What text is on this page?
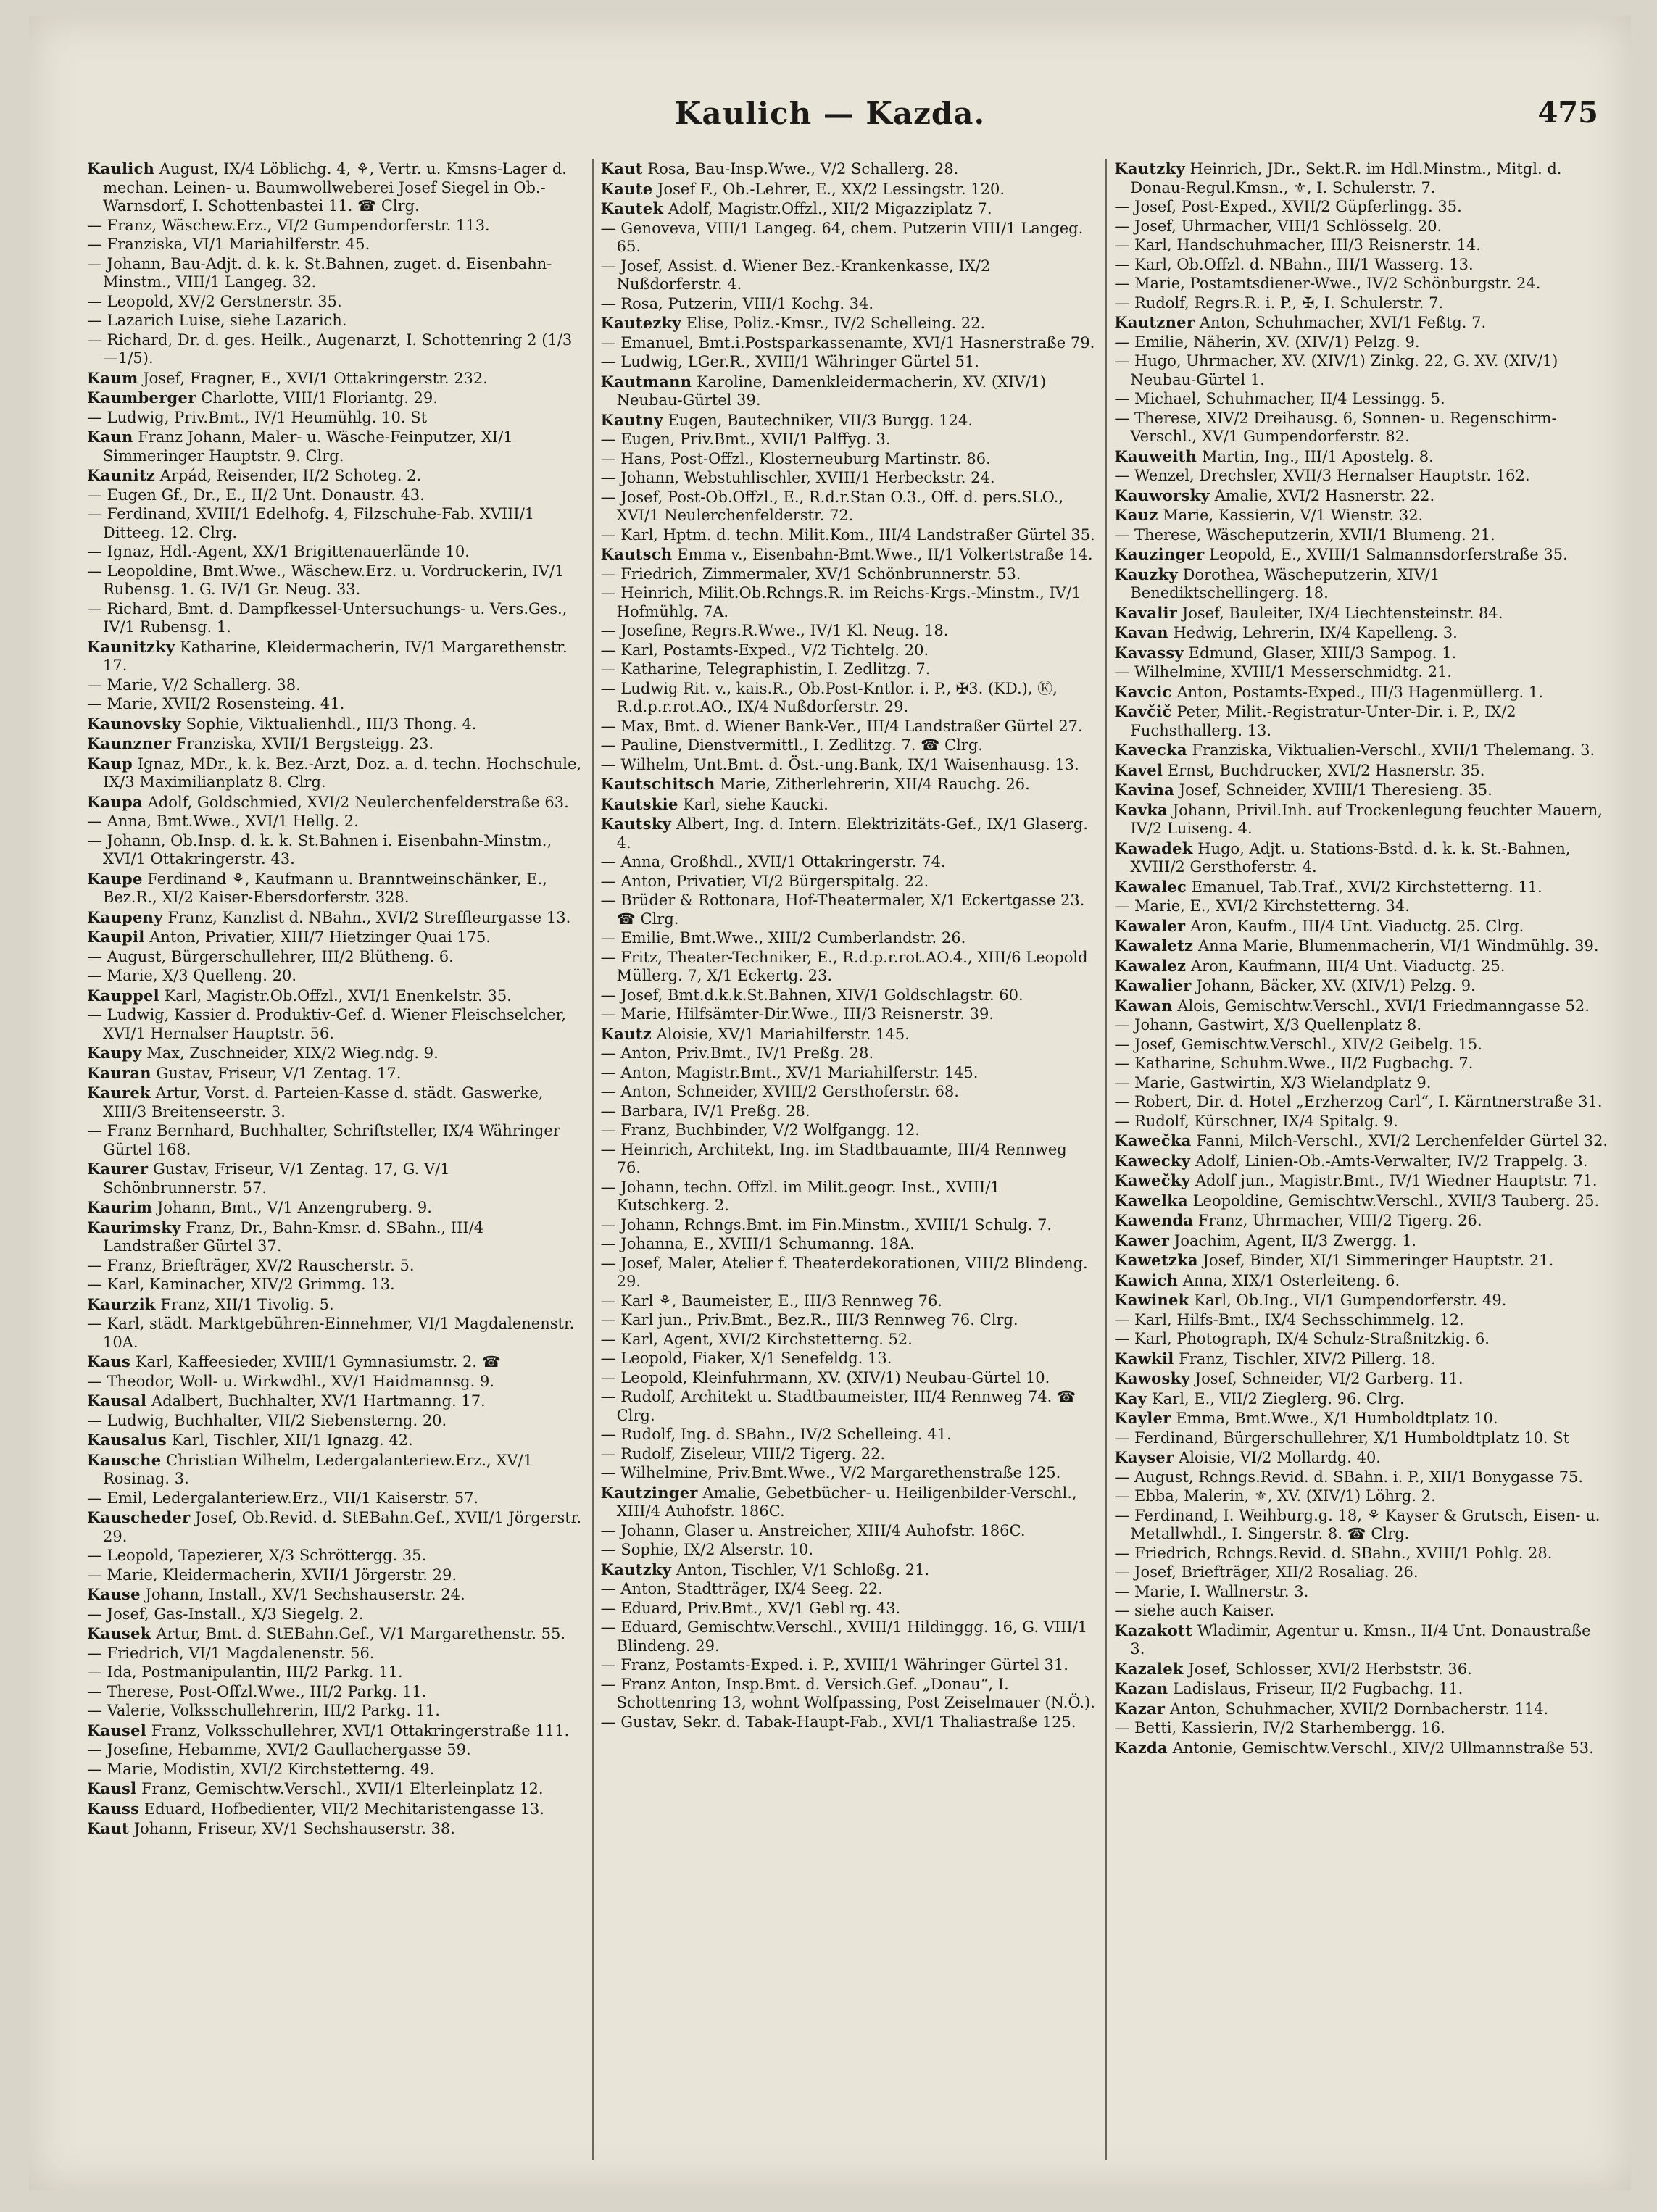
Kaulich — Kazda.	475
Kaulich August, IX/4 Löblichg. 4, ⚘, Vertr. u. Kmsns-Lager d. mechan. Leinen- u. Baumwollweberei Josef Siegel in Ob.-Warnsdorf, I. Schottenbastei 11. ☎ Clrg.
— Franz, Wäschew.Erz., VI/2 Gumpendorferstr. 113.
— Franziska, VI/1 Mariahilferstr. 45.
— Johann, Bau-Adjt. d. k. k. St.Bahnen, zuget. d. Eisenbahn-Minstm., VIII/1 Langeg. 32.
— Leopold, XV/2 Gerstnerstr. 35.
— Lazarich Luise, siehe Lazarich.
— Richard, Dr. d. ges. Heilk., Augenarzt, I. Schottenring 2 (1/3—1/5).
Kaum Josef, Fragner, E., XVI/1 Ottakringerstr. 232.
Kaumberger Charlotte, VIII/1 Floriantg. 29.
— Ludwig, Priv.Bmt., IV/1 Heumühlg. 10. St
Kaun Franz Johann, Maler- u. Wäsche-Feinputzer, XI/1 Simmeringer Hauptstr. 9. Clrg.
Kaunitz Arpád, Reisender, II/2 Schoteg. 2.
— Eugen Gf., Dr., E., II/2 Unt. Donaustr. 43.
— Ferdinand, XVIII/1 Edelhofg. 4, Filzschuhe-Fab. XVIII/1 Ditteeg. 12. Clrg.
— Ignaz, Hdl.-Agent, XX/1 Brigittenauerlände 10.
— Leopoldine, Bmt.Wwe., Wäschew.Erz. u. Vordruckerin, IV/1 Rubensg. 1. G. IV/1 Gr. Neug. 33.
— Richard, Bmt. d. Dampfkessel-Untersuchungs- u. Vers.Ges., IV/1 Rubensg. 1.
Kaunitzky Katharine, Kleidermacherin, IV/1 Margarethenstr. 17.
— Marie, V/2 Schallerg. 38.
— Marie, XVII/2 Rosensteing. 41.
Kaunovsky Sophie, Viktualienhdl., III/3 Thong. 4.
Kaunzner Franziska, XVII/1 Bergsteigg. 23.
Kaup Ignaz, MDr., k. k. Bez.-Arzt, Doz. a. d. techn. Hochschule, IX/3 Maximilianplatz 8. Clrg.
Kaupa Adolf, Goldschmied, XVI/2 Neulerchenfelderstraße 63.
— Anna, Bmt.Wwe., XVI/1 Hellg. 2.
— Johann, Ob.Insp. d. k. k. St.Bahnen i. Eisenbahn-Minstm., XVI/1 Ottakringerstr. 43.
Kaupe Ferdinand ⚘, Kaufmann u. Branntweinschänker, E., Bez.R., XI/2 Kaiser-Ebersdorferstr. 328.
Kaupeny Franz, Kanzlist d. NBahn., XVI/2 Streffleurgasse 13.
Kaupil Anton, Privatier, XIII/7 Hietzinger Quai 175.
— August, Bürgerschullehrer, III/2 Blütheng. 6.
— Marie, X/3 Quelleng. 20.
Kauppel Karl, Magistr.Ob.Offzl., XVI/1 Enenkelstr. 35.
— Ludwig, Kassier d. Produktiv-Gef. d. Wiener Fleischselcher, XVI/1 Hernalser Hauptstr. 56.
Kaupy Max, Zuschneider, XIX/2 Wieg.ndg. 9.
Kauran Gustav, Friseur, V/1 Zentag. 17.
Kaurek Artur, Vorst. d. Parteien-Kasse d. städt. Gaswerke, XIII/3 Breitenseerstr. 3.
— Franz Bernhard, Buchhalter, Schriftsteller, IX/4 Währinger Gürtel 168.
Kaurer Gustav, Friseur, V/1 Zentag. 17, G. V/1 Schönbrunnerstr. 57.
Kaurim Johann, Bmt., V/1 Anzengruberg. 9.
Kaurimsky Franz, Dr., Bahn-Kmsr. d. SBahn., III/4 Landstraßer Gürtel 37.
— Franz, Briefträger, XV/2 Rauscherstr. 5.
— Karl, Kaminacher, XIV/2 Grimmg. 13.
Kaurzik Franz, XII/1 Tivolig. 5.
— Karl, städt. Marktgebühren-Einnehmer, VI/1 Magdalenenstr. 10A.
Kaus Karl, Kaffeesieder, XVIII/1 Gymnasiumstr. 2. ☎
— Theodor, Woll- u. Wirkwdhl., XV/1 Haidmannsg. 9.
Kausal Adalbert, Buchhalter, XV/1 Hartmanng. 17.
— Ludwig, Buchhalter, VII/2 Siebensterng. 20.
Kausalus Karl, Tischler, XII/1 Ignazg. 42.
Kausche Christian Wilhelm, Ledergalanteriew.Erz., XV/1 Rosinag. 3.
— Emil, Ledergalanteriew.Erz., VII/1 Kaiserstr. 57.
Kauscheder Josef, Ob.Revid. d. StEBahn.Gef., XVII/1 Jörgerstr. 29.
— Leopold, Tapezierer, X/3 Schröttergg. 35.
— Marie, Kleidermacherin, XVII/1 Jörgerstr. 29.
Kause Johann, Install., XV/1 Sechshauserstr. 24.
— Josef, Gas-Install., X/3 Siegelg. 2.
Kausek Artur, Bmt. d. StEBahn.Gef., V/1 Margarethenstr. 55.
— Friedrich, VI/1 Magdalenenstr. 56.
— Ida, Postmanipulantin, III/2 Parkg. 11.
— Therese, Post-Offzl.Wwe., III/2 Parkg. 11.
— Valerie, Volksschullehrerin, III/2 Parkg. 11.
Kausel Franz, Volksschullehrer, XVI/1 Ottakringerstraße 111.
— Josefine, Hebamme, XVI/2 Gaullachergasse 59.
— Marie, Modistin, XVI/2 Kirchstetterng. 49.
Kausl Franz, Gemischtw.Verschl., XVII/1 Elterleinplatz 12.
Kauss Eduard, Hofbedienter, VII/2 Mechitaristengasse 13.
Kaut Johann, Friseur, XV/1 Sechshauserstr. 38.
Kaut Rosa, Bau-Insp.Wwe., V/2 Schallerg. 28.
Kaute Josef F., Ob.-Lehrer, E., XX/2 Lessingstr. 120.
Kautek Adolf, Magistr.Offzl., XII/2 Migazziplatz 7.
— Genoveva, VIII/1 Langeg. 64, chem. Putzerin VIII/1 Langeg. 65.
— Josef, Assist. d. Wiener Bez.-Krankenkasse, IX/2 Nußdorferstr. 4.
— Rosa, Putzerin, VIII/1 Kochg. 34.
Kautezky Elise, Poliz.-Kmsr., IV/2 Schelleing. 22.
— Emanuel, Bmt.i.Postsparkassenamte, XVI/1 Hasnerstraße 79.
— Ludwig, LGer.R., XVIII/1 Währinger Gürtel 51.
Kautmann Karoline, Damenkleidermacherin, XV. (XIV/1) Neubau-Gürtel 39.
Kautny Eugen, Bautechniker, VII/3 Burgg. 124.
— Eugen, Priv.Bmt., XVII/1 Palffyg. 3.
— Hans, Post-Offzl., Klosterneuburg Martinstr. 86.
— Johann, Webstuhlischler, XVIII/1 Herbeckstr. 24.
— Josef, Post-Ob.Offzl., E., R.d.r.Stan O.3., Off. d. pers.SLO., XVI/1 Neulerchenfelderstr. 72.
— Karl, Hptm. d. techn. Milit.Kom., III/4 Landstraßer Gürtel 35.
Kautsch Emma v., Eisenbahn-Bmt.Wwe., II/1 Volkertstraße 14.
— Friedrich, Zimmermaler, XV/1 Schönbrunnerstr. 53.
— Heinrich, Milit.Ob.Rchngs.R. im Reichs-Krgs.-Minstm., IV/1 Hofmühlg. 7A.
— Josefine, Regrs.R.Wwe., IV/1 Kl. Neug. 18.
— Karl, Postamts-Exped., V/2 Tichtelg. 20.
— Katharine, Telegraphistin, I. Zedlitzg. 7.
— Ludwig Rit. v., kais.R., Ob.Post-Kntlor. i. P., ✠3. (KD.), Ⓚ, R.d.p.r.rot.AO., IX/4 Nußdorferstr. 29.
— Max, Bmt. d. Wiener Bank-Ver., III/4 Landstraßer Gürtel 27.
— Pauline, Dienstvermittl., I. Zedlitzg. 7. ☎ Clrg.
— Wilhelm, Unt.Bmt. d. Öst.-ung.Bank, IX/1 Waisenhausg. 13.
Kautschitsch Marie, Zitherlehrerin, XII/4 Rauchg. 26.
Kautskie Karl, siehe Kaucki.
Kautsky Albert, Ing. d. Intern. Elektrizitäts-Gef., IX/1 Glaserg. 4.
— Anna, Großhdl., XVII/1 Ottakringerstr. 74.
— Anton, Privatier, VI/2 Bürgerspitalg. 22.
— Brüder & Rottonara, Hof-Theatermaler, X/1 Eckertgasse 23. ☎ Clrg.
— Emilie, Bmt.Wwe., XIII/2 Cumberlandstr. 26.
— Fritz, Theater-Techniker, E., R.d.p.r.rot.AO.4., XIII/6 Leopold Müllerg. 7, X/1 Eckertg. 23.
— Josef, Bmt.d.k.k.St.Bahnen, XIV/1 Goldschlagstr. 60.
— Marie, Hilfsämter-Dir.Wwe., III/3 Reisnerstr. 39.
Kautz Aloisie, XV/1 Mariahilferstr. 145.
— Anton, Priv.Bmt., IV/1 Preßg. 28.
— Anton, Magistr.Bmt., XV/1 Mariahilferstr. 145.
— Anton, Schneider, XVIII/2 Gersthoferstr. 68.
— Barbara, IV/1 Preßg. 28.
— Franz, Buchbinder, V/2 Wolfgangg. 12.
— Heinrich, Architekt, Ing. im Stadtbauamte, III/4 Rennweg 76.
— Johann, techn. Offzl. im Milit.geogr. Inst., XVIII/1 Kutschkerg. 2.
— Johann, Rchngs.Bmt. im Fin.Minstm., XVIII/1 Schulg. 7.
— Johanna, E., XVIII/1 Schumanng. 18A.
— Josef, Maler, Atelier f. Theaterdekorationen, VIII/2 Blindeng. 29.
— Karl ⚘, Baumeister, E., III/3 Rennweg 76.
— Karl jun., Priv.Bmt., Bez.R., III/3 Rennweg 76. Clrg.
— Karl, Agent, XVI/2 Kirchstetterng. 52.
— Leopold, Fiaker, X/1 Senefeldg. 13.
— Leopold, Kleinfuhrmann, XV. (XIV/1) Neubau-Gürtel 10.
— Rudolf, Architekt u. Stadtbaumeister, III/4 Rennweg 74. ☎ Clrg.
— Rudolf, Ing. d. SBahn., IV/2 Schelleing. 41.
— Rudolf, Ziseleur, VIII/2 Tigerg. 22.
— Wilhelmine, Priv.Bmt.Wwe., V/2 Margarethenstraße 125.
Kautzinger Amalie, Gebetbücher- u. Heiligenbilder-Verschl., XIII/4 Auhofstr. 186C.
— Johann, Glaser u. Anstreicher, XIII/4 Auhofstr. 186C.
— Sophie, IX/2 Alserstr. 10.
Kautzky Anton, Tischler, V/1 Schloßg. 21.
— Anton, Stadtträger, IX/4 Seeg. 22.
— Eduard, Priv.Bmt., XV/1 Gebl rg. 43.
— Eduard, Gemischtw.Verschl., XVIII/1 Hildinggg. 16, G. VIII/1 Blindeng. 29.
— Franz, Postamts-Exped. i. P., XVIII/1 Währinger Gürtel 31.
— Franz Anton, Insp.Bmt. d. Versich.Gef. „Donau“, I. Schottenring 13, wohnt Wolfpassing, Post Zeiselmauer (N.Ö.).
— Gustav, Sekr. d. Tabak-Haupt-Fab., XVI/1 Thaliastraße 125.
Kautzky Heinrich, JDr., Sekt.R. im Hdl.Minstm., Mitgl. d. Donau-Regul.Kmsn., ⚜, I. Schulerstr. 7.
— Josef, Post-Exped., XVII/2 Güpferlingg. 35.
— Josef, Uhrmacher, VIII/1 Schlösselg. 20.
— Karl, Handschuhmacher, III/3 Reisnerstr. 14.
— Karl, Ob.Offzl. d. NBahn., III/1 Wasserg. 13.
— Marie, Postamtsdiener-Wwe., IV/2 Schönburgstr. 24.
— Rudolf, Regrs.R. i. P., ✠, I. Schulerstr. 7.
Kautzner Anton, Schuhmacher, XVI/1 Feßtg. 7.
— Emilie, Näherin, XV. (XIV/1) Pelzg. 9.
— Hugo, Uhrmacher, XV. (XIV/1) Zinkg. 22, G. XV. (XIV/1) Neubau-Gürtel 1.
— Michael, Schuhmacher, II/4 Lessingg. 5.
— Therese, XIV/2 Dreihausg. 6, Sonnen- u. Regenschirm-Verschl., XV/1 Gumpendorferstr. 82.
Kauweith Martin, Ing., III/1 Apostelg. 8.
— Wenzel, Drechsler, XVII/3 Hernalser Hauptstr. 162.
Kauworsky Amalie, XVI/2 Hasnerstr. 22.
Kauz Marie, Kassierin, V/1 Wienstr. 32.
— Therese, Wäscheputzerin, XVII/1 Blumeng. 21.
Kauzinger Leopold, E., XVIII/1 Salmannsdorferstraße 35.
Kauzky Dorothea, Wäscheputzerin, XIV/1 Benediktschellingerg. 18.
Kavalir Josef, Bauleiter, IX/4 Liechtensteinstr. 84.
Kavan Hedwig, Lehrerin, IX/4 Kapelleng. 3.
Kavassy Edmund, Glaser, XIII/3 Sampog. 1.
— Wilhelmine, XVIII/1 Messerschmidtg. 21.
Kavcic Anton, Postamts-Exped., III/3 Hagenmüllerg. 1.
Kavčič Peter, Milit.-Registratur-Unter-Dir. i. P., IX/2 Fuchsthallerg. 13.
Kavecka Franziska, Viktualien-Verschl., XVII/1 Thelemang. 3.
Kavel Ernst, Buchdrucker, XVI/2 Hasnerstr. 35.
Kavina Josef, Schneider, XVIII/1 Theresieng. 35.
Kavka Johann, Privil.Inh. auf Trockenlegung feuchter Mauern, IV/2 Luiseng. 4.
Kawadek Hugo, Adjt. u. Stations-Bstd. d. k. k. St.-Bahnen, XVIII/2 Gersthoferstr. 4.
Kawalec Emanuel, Tab.Traf., XVI/2 Kirchstetterng. 11.
— Marie, E., XVI/2 Kirchstetterng. 34.
Kawaler Aron, Kaufm., III/4 Unt. Viaductg. 25. Clrg.
Kawaletz Anna Marie, Blumenmacherin, VI/1 Windmühlg. 39.
Kawalez Aron, Kaufmann, III/4 Unt. Viaductg. 25.
Kawalier Johann, Bäcker, XV. (XIV/1) Pelzg. 9.
Kawan Alois, Gemischtw.Verschl., XVI/1 Friedmanngasse 52.
— Johann, Gastwirt, X/3 Quellenplatz 8.
— Josef, Gemischtw.Verschl., XIV/2 Geibelg. 15.
— Katharine, Schuhm.Wwe., II/2 Fugbachg. 7.
— Marie, Gastwirtin, X/3 Wielandplatz 9.
— Robert, Dir. d. Hotel „Erzherzog Carl“, I. Kärntnerstraße 31.
— Rudolf, Kürschner, IX/4 Spitalg. 9.
Kawečka Fanni, Milch-Verschl., XVI/2 Lerchenfelder Gürtel 32.
Kawecky Adolf, Linien-Ob.-Amts-Verwalter, IV/2 Trappelg. 3.
Kawečky Adolf jun., Magistr.Bmt., IV/1 Wiedner Hauptstr. 71.
Kawelka Leopoldine, Gemischtw.Verschl., XVII/3 Tauberg. 25.
Kawenda Franz, Uhrmacher, VIII/2 Tigerg. 26.
Kawer Joachim, Agent, II/3 Zwergg. 1.
Kawetzka Josef, Binder, XI/1 Simmeringer Hauptstr. 21.
Kawich Anna, XIX/1 Osterleiteng. 6.
Kawinek Karl, Ob.Ing., VI/1 Gumpendorferstr. 49.
— Karl, Hilfs-Bmt., IX/4 Sechsschimmelg. 12.
— Karl, Photograph, IX/4 Schulz-Straßnitzkig. 6.
Kawkil Franz, Tischler, XIV/2 Pillerg. 18.
Kawosky Josef, Schneider, VI/2 Garberg. 11.
Kay Karl, E., VII/2 Zieglerg. 96. Clrg.
Kayler Emma, Bmt.Wwe., X/1 Humboldtplatz 10.
— Ferdinand, Bürgerschullehrer, X/1 Humboldtplatz 10. St
Kayser Aloisie, VI/2 Mollardg. 40.
— August, Rchngs.Revid. d. SBahn. i. P., XII/1 Bonygasse 75.
— Ebba, Malerin, ⚜, XV. (XIV/1) Löhrg. 2.
— Ferdinand, I. Weihburg.g. 18, ⚘ Kayser & Grutsch, Eisen- u. Metallwhdl., I. Singerstr. 8. ☎ Clrg.
— Friedrich, Rchngs.Revid. d. SBahn., XVIII/1 Pohlg. 28.
— Josef, Briefträger, XII/2 Rosaliag. 26.
— Marie, I. Wallnerstr. 3.
— siehe auch Kaiser.
Kazakott Wladimir, Agentur u. Kmsn., II/4 Unt. Donaustraße 3.
Kazalek Josef, Schlosser, XVI/2 Herbststr. 36.
Kazan Ladislaus, Friseur, II/2 Fugbachg. 11.
Kazar Anton, Schuhmacher, XVII/2 Dornbacherstr. 114.
— Betti, Kassierin, IV/2 Starhembergg. 16.
Kazda Antonie, Gemischtw.Verschl., XIV/2 Ullmannstraße 53.
